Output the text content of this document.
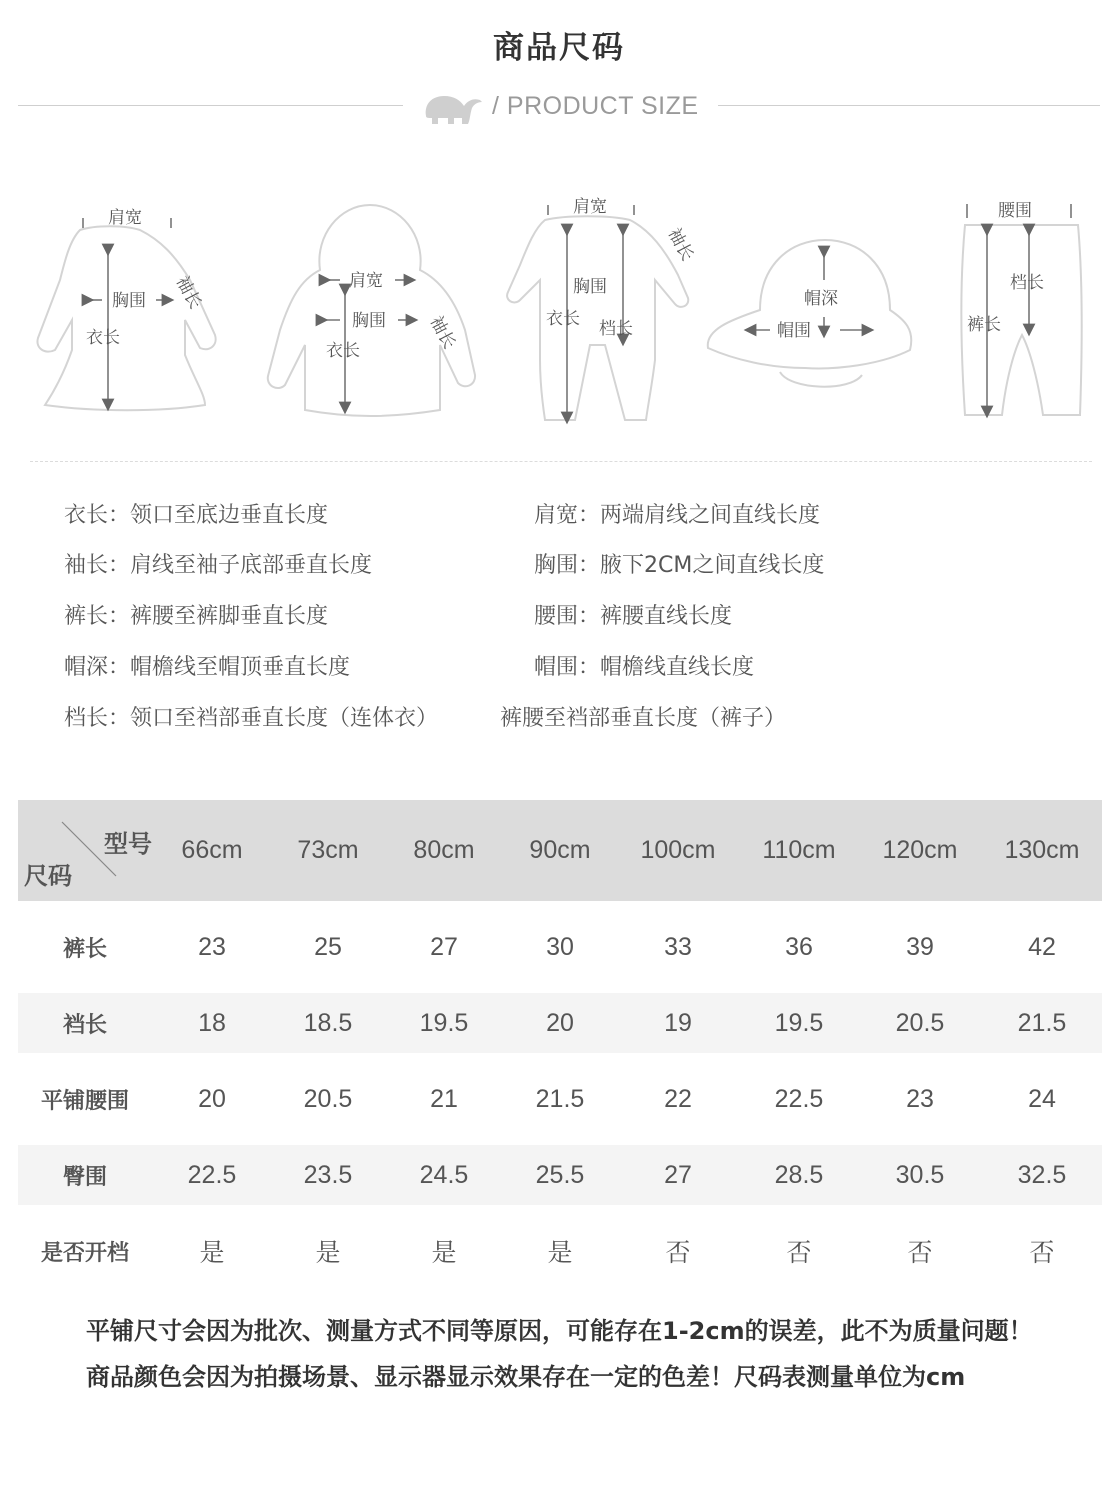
商品尺码
/ PRODUCT SIZE
肩宽
胸围
衣长
袖长	肩宽
胸围
衣长	袖长
肩宽
胸围
衣长 档长
袖长
帽深
帽围
腰围
档长
裤长
衣长：领口至底边垂直长度	肩宽：两端肩线之间直线长度
袖长：肩线至袖子底部垂直长度	胸围：腋下2CM之间直线长度
裤长：裤腰至裤脚垂直长度	腰围：裤腰直线长度
帽深：帽檐线至帽顶垂直长度	帽围：帽檐线直线长度
档长：领口至裆部垂直长度（连体衣）	裤腰至裆部垂直长度（裤子）
型号
尺码	66cm	73cm	80cm	90cm	100cm	110cm	120cm	130cm
裤长	23	25	27	30	33	36	39	42
裆长	18	18.5	19.5	20	19	19.5	20.5	21.5
平铺腰围	20	20.5	21	21.5	22	22.5	23	24
臀围	22.5	23.5	24.5	25.5	27	28.5	30.5	32.5
是否开档	是	是	是	是	否	否	否	否
平铺尺寸会因为批次、测量方式不同等原因，可能存在1-2cm的误差，此不为质量问题！
商品颜色会因为拍摄场景、显示器显示效果存在一定的色差！尺码表测量单位为cm
